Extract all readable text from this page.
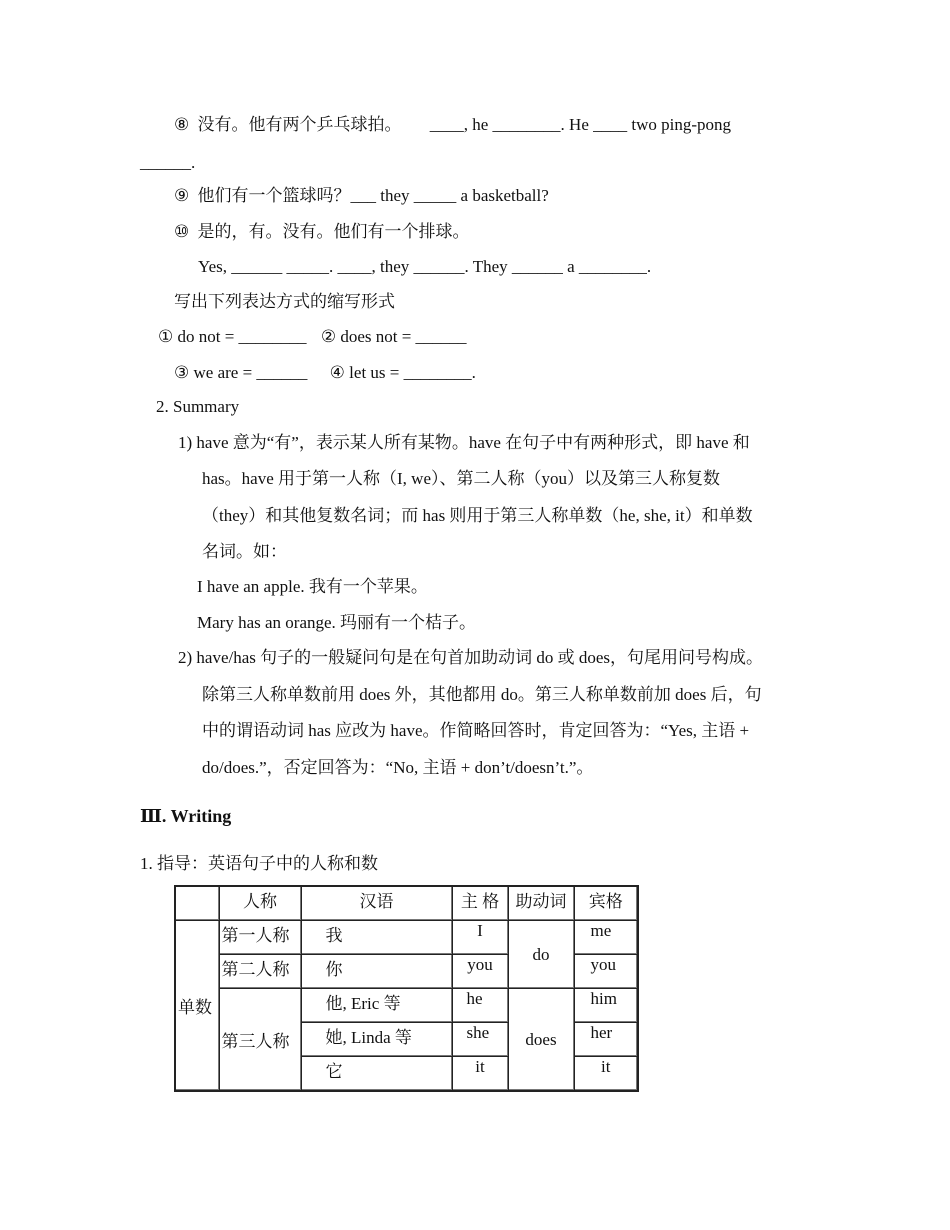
⑧ 没有。他有两个乒乓球拍。 ____, he ________. He ____ two ping-pong
______.
⑨ 他们有一个篮球吗？___ they _____ a basketball?
⑩ 是的，有。没有。他们有一个排球。
Yes, ______ _____. ____, they ______. They ______ a ________.
写出下列表达方式的缩写形式
① do not = ________ ② does not = ______
③ we are = ______ ④ let us = ________.
2. Summary
1) have 意为“有”，表示某人所有某物。have 在句子中有两种形式，即 have 和
has。have 用于第一人称（I, we）、第二人称（you）以及第三人称复数
（they）和其他复数名词；而 has 则用于第三人称单数（he, she, it）和单数
名词。如：
I have an apple. 我有一个苹果。
Mary has an orange. 玛丽有一个桔子。
2) have/has 句子的一般疑问句是在句首加助动词 do 或 does，句尾用问号构成。
除第三人称单数前用 does 外，其他都用 do。第三人称单数前加 does 后，句
中的谓语动词 has 应改为 have。作简略回答时，肯定回答为：“Yes, 主语 +
do/does.”，否定回答为：“No, 主语 + don’t/doesn’t.”。
Ⅲ. Writing
1. 指导：英语句子中的人称和数
	人称	汉语	主 格	助动词	宾格
单数	第一人称	我	I	do	me
	第二人称	你	you		you
	第三人称	他, Eric 等	he	does	him
		她, Linda 等	she		her
		它	it		it
